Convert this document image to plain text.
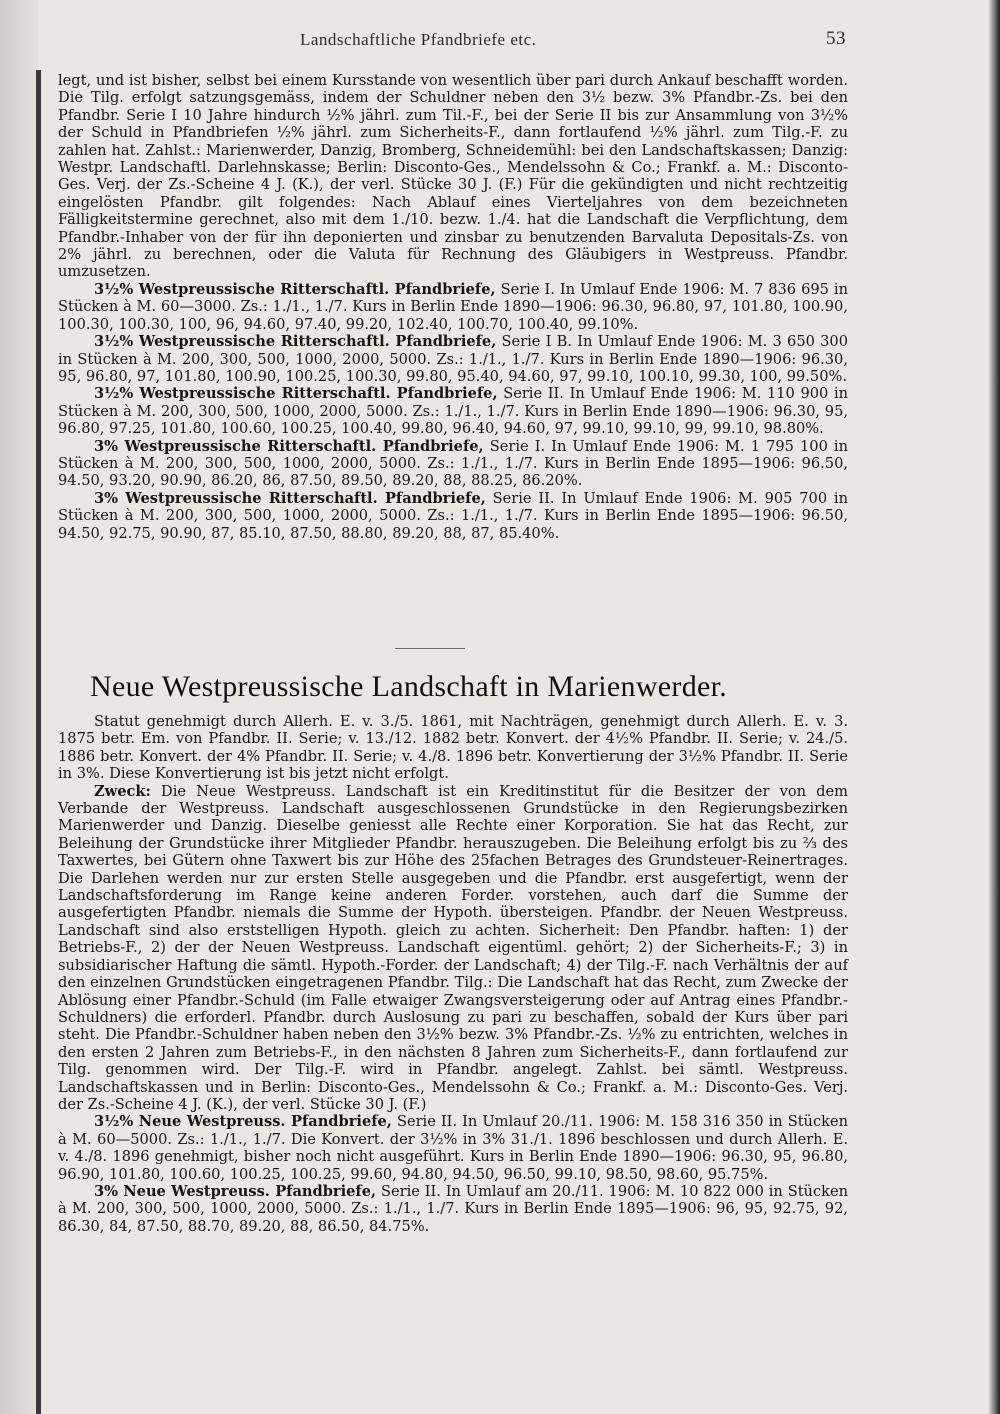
Landschaftliche Pfandbriefe etc.	53

legt, und ist bisher, selbst bei einem Kursstande von wesentlich über pari durch Ankauf beschafft worden. Die Tilg. erfolgt satzungsgemäss, indem der Schuldner neben den 3½ bezw. 3% Pfandbr.-Zs. bei den Pfandbr. Serie I 10 Jahre hindurch ½% jährl. zum Til.-F., bei der Serie II bis zur Ansammlung von 3½% der Schuld in Pfandbriefen ½% jährl. zum Sicherheits-F., dann fortlaufend ½% jährl. zum Tilg.-F. zu zahlen hat. Zahlst.: Marienwerder, Danzig, Bromberg, Schneidemühl: bei den Landschaftskassen; Danzig: Westpr. Landschaftl. Darlehnskasse; Berlin: Disconto-Ges., Mendelssohn & Co.; Frankf. a. M.: Disconto-Ges. Verj. der Zs.-Scheine 4 J. (K.), der verl. Stücke 30 J. (F.) Für die gekündigten und nicht rechtzeitig eingelösten Pfandbr. gilt folgendes: Nach Ablauf eines Vierteljahres von dem bezeichneten Fälligkeitstermine gerechnet, also mit dem 1./10. bezw. 1./4. hat die Landschaft die Verpflichtung, dem Pfandbr.-Inhaber von der für ihn deponierten und zinsbar zu benutzenden Barvaluta Depositals-Zs. von 2% jährl. zu berechnen, oder die Valuta für Rechnung des Gläubigers in Westpreuss. Pfandbr. umzusetzen.

3½% Westpreussische Ritterschaftl. Pfandbriefe, Serie I. In Umlauf Ende 1906: M. 7 836 695 in Stücken à M. 60—3000. Zs.: 1./1., 1./7. Kurs in Berlin Ende 1890—1906: 96.30, 96.80, 97, 101.80, 100.90, 100.30, 100.30, 100, 96, 94.60, 97.40, 99.20, 102.40, 100.70, 100.40, 99.10%.

3½% Westpreussische Ritterschaftl. Pfandbriefe, Serie I B. In Umlauf Ende 1906: M. 3 650 300 in Stücken à M. 200, 300, 500, 1000, 2000, 5000. Zs.: 1./1., 1./7. Kurs in Berlin Ende 1890—1906: 96.30, 95, 96.80, 97, 101.80, 100.90, 100.25, 100.30, 99.80, 95.40, 94.60, 97, 99.10, 100.10, 99.30, 100, 99.50%.

3½% Westpreussische Ritterschaftl. Pfandbriefe, Serie II. In Umlauf Ende 1906: M. 110 900 in Stücken à M. 200, 300, 500, 1000, 2000, 5000. Zs.: 1./1., 1./7. Kurs in Berlin Ende 1890—1906: 96.30, 95, 96.80, 97.25, 101.80, 100.60, 100.25, 100.40, 99.80, 96.40, 94.60, 97, 99.10, 99.10, 99, 99.10, 98.80%.

3% Westpreussische Ritterschaftl. Pfandbriefe, Serie I. In Umlauf Ende 1906: M. 1 795 100 in Stücken à M. 200, 300, 500, 1000, 2000, 5000. Zs.: 1./1., 1./7. Kurs in Berlin Ende 1895—1906: 96.50, 94.50, 93.20, 90.90, 86.20, 86, 87.50, 89.50, 89.20, 88, 88.25, 86.20%.

3% Westpreussische Ritterschaftl. Pfandbriefe, Serie II. In Umlauf Ende 1906: M. 905 700 in Stücken à M. 200, 300, 500, 1000, 2000, 5000. Zs.: 1./1., 1./7. Kurs in Berlin Ende 1895—1906: 96.50, 94.50, 92.75, 90.90, 87, 85.10, 87.50, 88.80, 89.20, 88, 87, 85.40%.

Neue Westpreussische Landschaft in Marienwerder.

Statut genehmigt durch Allerh. E. v. 3./5. 1861, mit Nachträgen, genehmigt durch Allerh. E. v. 3. 1875 betr. Em. von Pfandbr. II. Serie; v. 13./12. 1882 betr. Konvert. der 4½% Pfandbr. II. Serie; v. 24./5. 1886 betr. Konvert. der 4% Pfandbr. II. Serie; v. 4./8. 1896 betr. Konvertierung der 3½% Pfandbr. II. Serie in 3%. Diese Konvertierung ist bis jetzt nicht erfolgt.

Zweck: Die Neue Westpreuss. Landschaft ist ein Kreditinstitut für die Besitzer der von dem Verbande der Westpreuss. Landschaft ausgeschlossenen Grundstücke in den Regierungsbezirken Marienwerder und Danzig. Dieselbe geniesst alle Rechte einer Korporation. Sie hat das Recht, zur Beleihung der Grundstücke ihrer Mitglieder Pfandbr. herauszugeben. Die Beleihung erfolgt bis zu ⅔ des Taxwertes, bei Gütern ohne Taxwert bis zur Höhe des 25fachen Betrages des Grundsteuer-Reinertrages. Die Darlehen werden nur zur ersten Stelle ausgegeben und die Pfandbr. erst ausgefertigt, wenn der Landschaftsforderung im Range keine anderen Forder. vorstehen, auch darf die Summe der ausgefertigten Pfandbr. niemals die Summe der Hypoth. übersteigen. Pfandbr. der Neuen Westpreuss. Landschaft sind also erststelligen Hypoth. gleich zu achten. Sicherheit: Den Pfandbr. haften: 1) der Betriebs-F., 2) der der Neuen Westpreuss. Landschaft eigentüml. gehört; 2) der Sicherheits-F.; 3) in subsidiarischer Haftung die sämtl. Hypoth.-Forder. der Landschaft; 4) der Tilg.-F. nach Verhältnis der auf den einzelnen Grundstücken eingetragenen Pfandbr. Tilg.: Die Landschaft hat das Recht, zum Zwecke der Ablösung einer Pfandbr.-Schuld (im Falle etwaiger Zwangsversteigerung oder auf Antrag eines Pfandbr.-Schuldners) die erforderl. Pfandbr. durch Auslosung zu pari zu beschaffen, sobald der Kurs über pari steht. Die Pfandbr.-Schuldner haben neben den 3½% bezw. 3% Pfandbr.-Zs. ½% zu entrichten, welches in den ersten 2 Jahren zum Betriebs-F., in den nächsten 8 Jahren zum Sicherheits-F., dann fortlaufend zur Tilg. genommen wird. Der Tilg.-F. wird in Pfandbr. angelegt. Zahlst. bei sämtl. Westpreuss. Landschaftskassen und in Berlin: Disconto-Ges., Mendelssohn & Co.; Frankf. a. M.: Disconto-Ges. Verj. der Zs.-Scheine 4 J. (K.), der verl. Stücke 30 J. (F.)

3½% Neue Westpreuss. Pfandbriefe, Serie II. In Umlauf 20./11. 1906: M. 158 316 350 in Stücken à M. 60—5000. Zs.: 1./1., 1./7. Die Konvert. der 3½% in 3% 31./1. 1896 beschlossen und durch Allerh. E. v. 4./8. 1896 genehmigt, bisher noch nicht ausgeführt. Kurs in Berlin Ende 1890—1906: 96.30, 95, 96.80, 96.90, 101.80, 100.60, 100.25, 100.25, 99.60, 94.80, 94.50, 96.50, 99.10, 98.50, 98.60, 95.75%.

3% Neue Westpreuss. Pfandbriefe, Serie II. In Umlauf am 20./11. 1906: M. 10 822 000 in Stücken à M. 200, 300, 500, 1000, 2000, 5000. Zs.: 1./1., 1./7. Kurs in Berlin Ende 1895—1906: 96, 95, 92.75, 92, 86.30, 84, 87.50, 88.70, 89.20, 88, 86.50, 84.75%.
